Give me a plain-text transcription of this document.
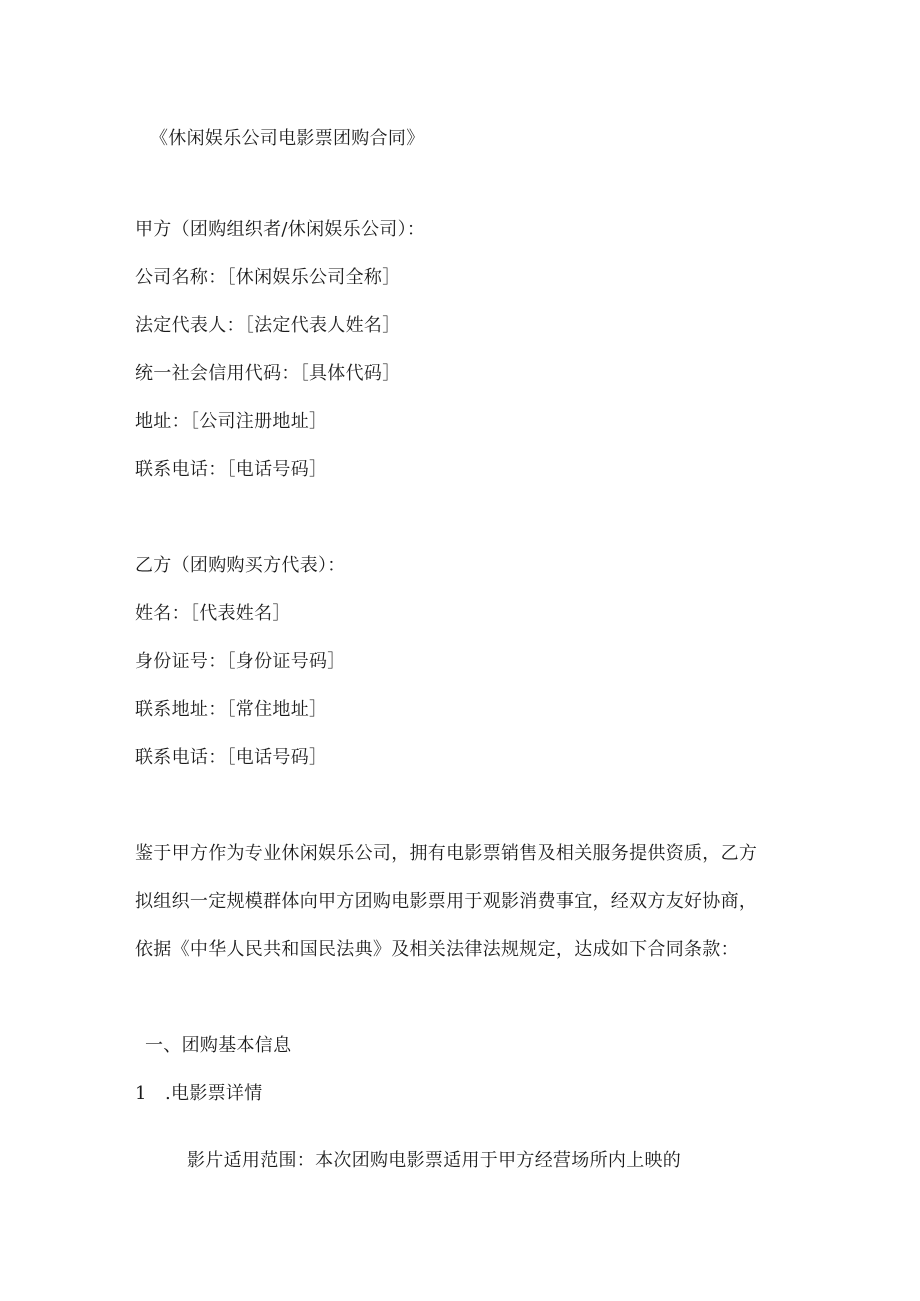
《休闲娱乐公司电影票团购合同》
甲方（团购组织者/休闲娱乐公司）：
公司名称：［休闲娱乐公司全称］
法定代表人：［法定代表人姓名］
统一社会信用代码：［具体代码］
地址：［公司注册地址］
联系电话：［电话号码］
乙方（团购购买方代表）：
姓名：［代表姓名］
身份证号：［身份证号码］
联系地址：［常住地址］
联系电话：［电话号码］
鉴于甲方作为专业休闲娱乐公司，拥有电影票销售及相关服务提供资质，乙方
拟组织一定规模群体向甲方团购电影票用于观影消费事宜，经双方友好协商，
依据《中华人民共和国民法典》及相关法律法规规定，达成如下合同条款：
一、团购基本信息
1 .电影票详情
影片适用范围：本次团购电影票适用于甲方经营场所内上映的
